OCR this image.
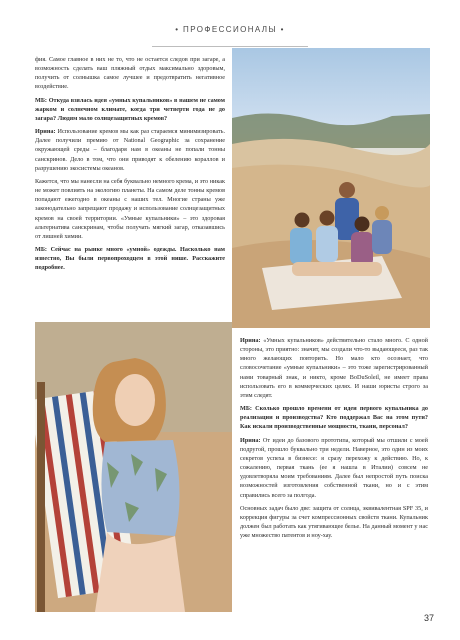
• ПРОФЕССИОНАЛЫ •

фия. Самое главное в них не то, что не остается следов при загаре, а возможность сделать ваш пляжный отдых максимально здоровым, получить от солнышка самое лучшее и предотвратить негативное воздействие.

МБ: Откуда взялась идея «умных купальников» в нашем не самом жарком и солнечном климате, когда три четверти года не до загара? Людям мало солнцезащитных кремов?

Ирина: Использование кремов мы как раз стараемся минимизировать. Далее получили премию от National Geographic за сохранение окружающей среды – благодаря нам в океаны не попали тонны санскринов. Дело в том, что они приводят к обелению кораллов и разрушению экосистемы океанов.

Кажется, что мы нанесли на себя буквально немного крема, и это никак не может повлиять на экологию планеты. На самом деле тонны кремов попадают ежегодно в океаны с наших тел. Многие страны уже законодательно запрещают продажу и использование солнцезащитных кремов на своей территории. «Умные купальники» – это здоровая альтернатива санскринам, чтобы получать мягкий загар, отказавшись от лишней химии.

МБ: Сейчас на рынке много «умной» одежды. Насколько нам известно, Вы были первопроходцем в этой нише. Расскажите подробнее.

Ирина: «Умных купальников» действительно стало много. С одной стороны, это приятно: значит, мы создали что-то выдающееся, раз так много желающих повторить. Но мало кто осознает, что словосочетание «умные купальники» – это тоже зарегистрированный нами товарный знак, и никто, кроме BoDuSoleil, не имеет права использовать его в коммерческих целях. И наши юристы строго за этим следят.

МБ: Сколько прошло времени от идеи первого купальника до реализации и производства? Кто поддержал Вас на этом пути? Как искали производственные мощности, ткани, персонал?

Ирина: От идеи до базового прототипа, который мы отшили с моей подругой, прошло буквально три недели. Наверное, это один из моих секретов успеха в бизнесе: я сразу перехожу к действию. Но, к сожалению, первая ткань (ее я нашла в Италии) совсем не удовлетворяла моим требованиям. Далее был непростой путь поиска возможностей изготовления собственной ткани, но и с этим справились всего за полгода.

Основных задач было две: защита от солнца, эквивалентная SPF 35, и коррекция фигуры за счет компрессионных свойств ткани. Купальник должен был работать как утягивающее белье. На данный момент у нас уже множество патентов и ноу-хау.

37
